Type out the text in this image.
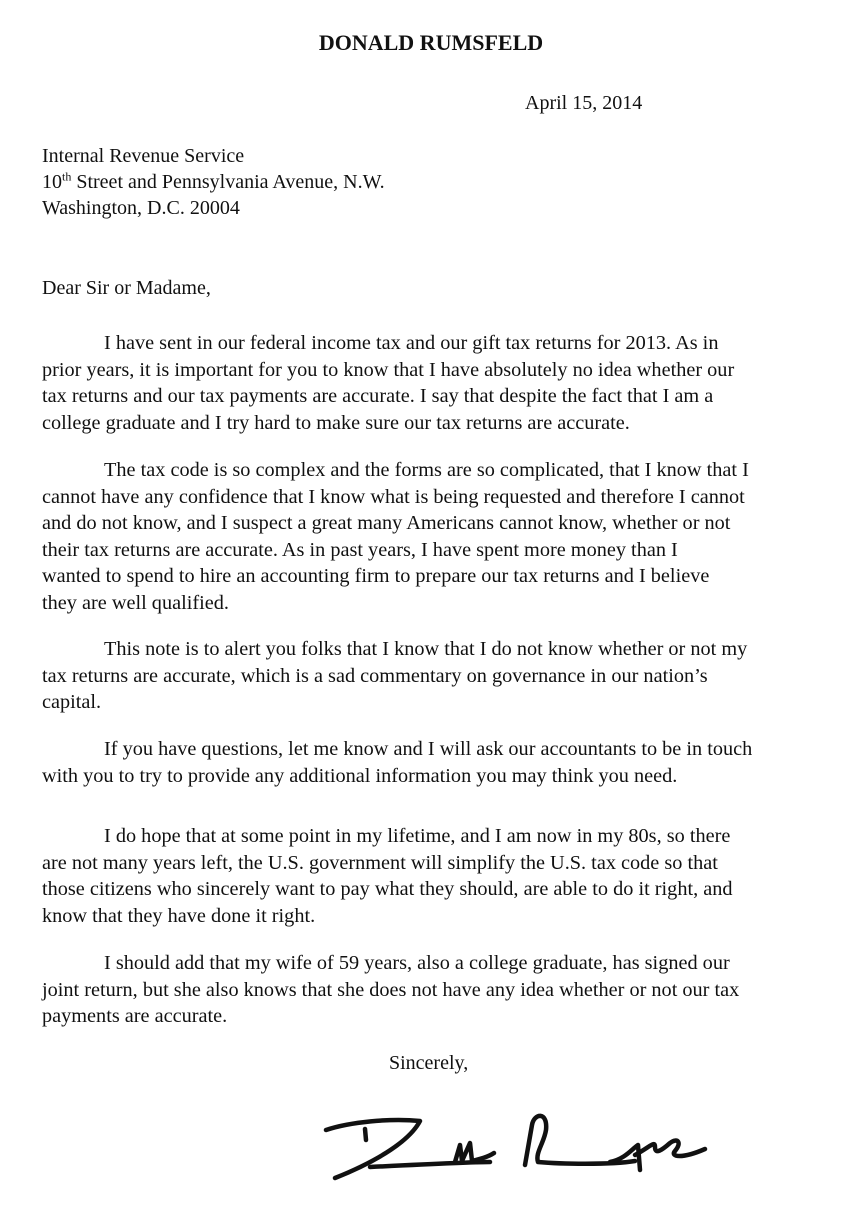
DONALD RUMSFELD
April 15, 2014
Internal Revenue Service
10th Street and Pennsylvania Avenue, N.W.
Washington, D.C. 20004
Dear Sir or Madame,
I have sent in our federal income tax and our gift tax returns for 2013. As in
prior years, it is important for you to know that I have absolutely no idea whether our
tax returns and our tax payments are accurate. I say that despite the fact that I am a
college graduate and I try hard to make sure our tax returns are accurate.
The tax code is so complex and the forms are so complicated, that I know that I
cannot have any confidence that I know what is being requested and therefore I cannot
and do not know, and I suspect a great many Americans cannot know, whether or not
their tax returns are accurate. As in past years, I have spent more money than I
wanted to spend to hire an accounting firm to prepare our tax returns and I believe
they are well qualified.
This note is to alert you folks that I know that I do not know whether or not my
tax returns are accurate, which is a sad commentary on governance in our nation’s
capital.
If you have questions, let me know and I will ask our accountants to be in touch
with you to try to provide any additional information you may think you need.
I do hope that at some point in my lifetime, and I am now in my 80s, so there
are not many years left, the U.S. government will simplify the U.S. tax code so that
those citizens who sincerely want to pay what they should, are able to do it right, and
know that they have done it right.
I should add that my wife of 59 years, also a college graduate, has signed our
joint return, but she also knows that she does not have any idea whether or not our tax
payments are accurate.
Sincerely,
